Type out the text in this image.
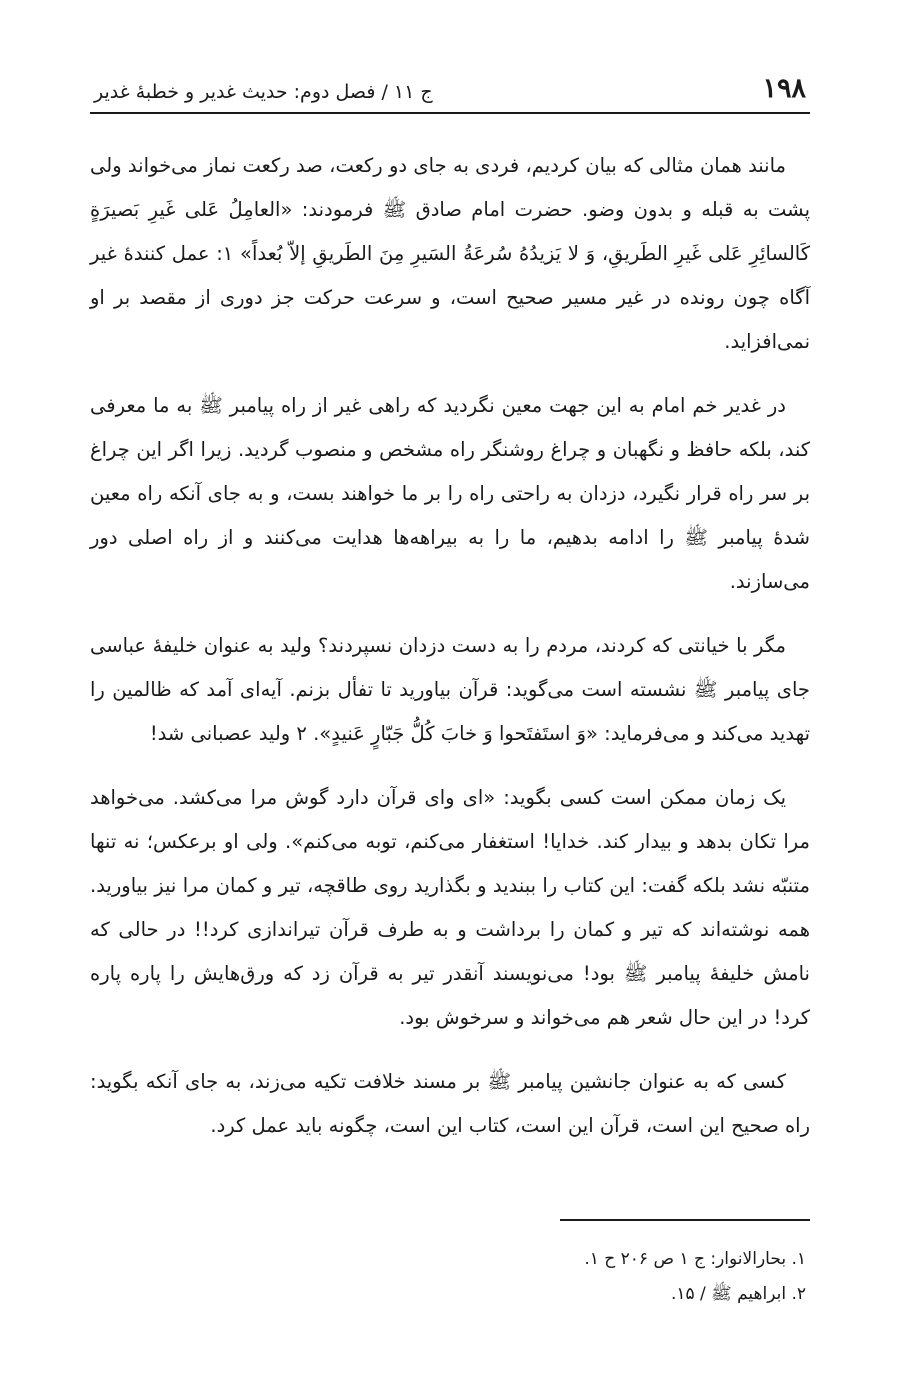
۱۹۸
ج ۱۱ / فصل دوم: حدیث غدیر و خطبهٔ غدیر

مانند همان مثالی که بیان کردیم، فردی به جای دو رکعت، صد رکعت نماز می‌خواند ولی پشت به قبله و بدون وضو. حضرت امام صادق ﷺ فرمودند: «العامِلُ عَلی غَیرِ بَصیرَةٍ کَالسائِرِ عَلی غَیرِ الطَریقِ، وَ لا یَزیدُهُ سُرعَةُ السَیرِ مِنَ الطَریقِ إلاّ بُعداً» ۱: عمل کنندهٔ غیر آگاه چون رونده در غیر مسیر صحیح است، و سرعت حرکت جز دوری از مقصد بر او نمی‌افزاید.

در غدیر خم امام به این جهت معین نگردید که راهی غیر از راه پیامبر ﷺ به ما معرفی کند، بلکه حافظ و نگهبان و چراغ روشنگر راه مشخص و منصوب گردید. زیرا اگر این چراغ بر سر راه قرار نگیرد، دزدان به راحتی راه را بر ما خواهند بست، و به جای آنکه راه معین شدهٔ پیامبر ﷺ را ادامه بدهیم، ما را به بیراهه‌ها هدایت می‌کنند و از راه اصلی دور می‌سازند.

مگر با خیانتی که کردند، مردم را به دست دزدان نسپردند؟ ولید به عنوان خلیفهٔ عباسی جای پیامبر ﷺ نشسته است می‌گوید: قرآن بیاورید تا تفأل بزنم. آیه‌ای آمد که ظالمین را تهدید می‌کند و می‌فرماید: «وَ استَفتَحوا وَ خابَ کُلُّ جَبّارٍ عَنیدٍ». ۲ ولید عصبانی شد!

یک زمان ممکن است کسی بگوید: «ای وای قرآن دارد گوش مرا می‌کشد. می‌خواهد مرا تکان بدهد و بیدار کند. خدایا! استغفار می‌کنم، توبه می‌کنم». ولی او برعکس؛ نه تنها متنبّه نشد بلکه گفت: این کتاب را ببندید و بگذارید روی طاقچه، تیر و کمان مرا نیز بیاورید. همه نوشته‌اند که تیر و کمان را برداشت و به طرف قرآن تیراندازی کرد!! در حالی که نامش خلیفهٔ پیامبر ﷺ بود! می‌نویسند آنقدر تیر به قرآن زد که ورق‌هایش را پاره پاره کرد! در این حال شعر هم می‌خواند و سرخوش بود.

کسی که به عنوان جانشین پیامبر ﷺ بر مسند خلافت تکیه می‌زند، به جای آنکه بگوید: راه صحیح این است، قرآن این است، کتاب این است، چگونه باید عمل کرد.

۱. بحارالانوار: ج ۱ ص ۲۰۶ ح ۱.

۲. ابراهیم ﷺ / ۱۵.
